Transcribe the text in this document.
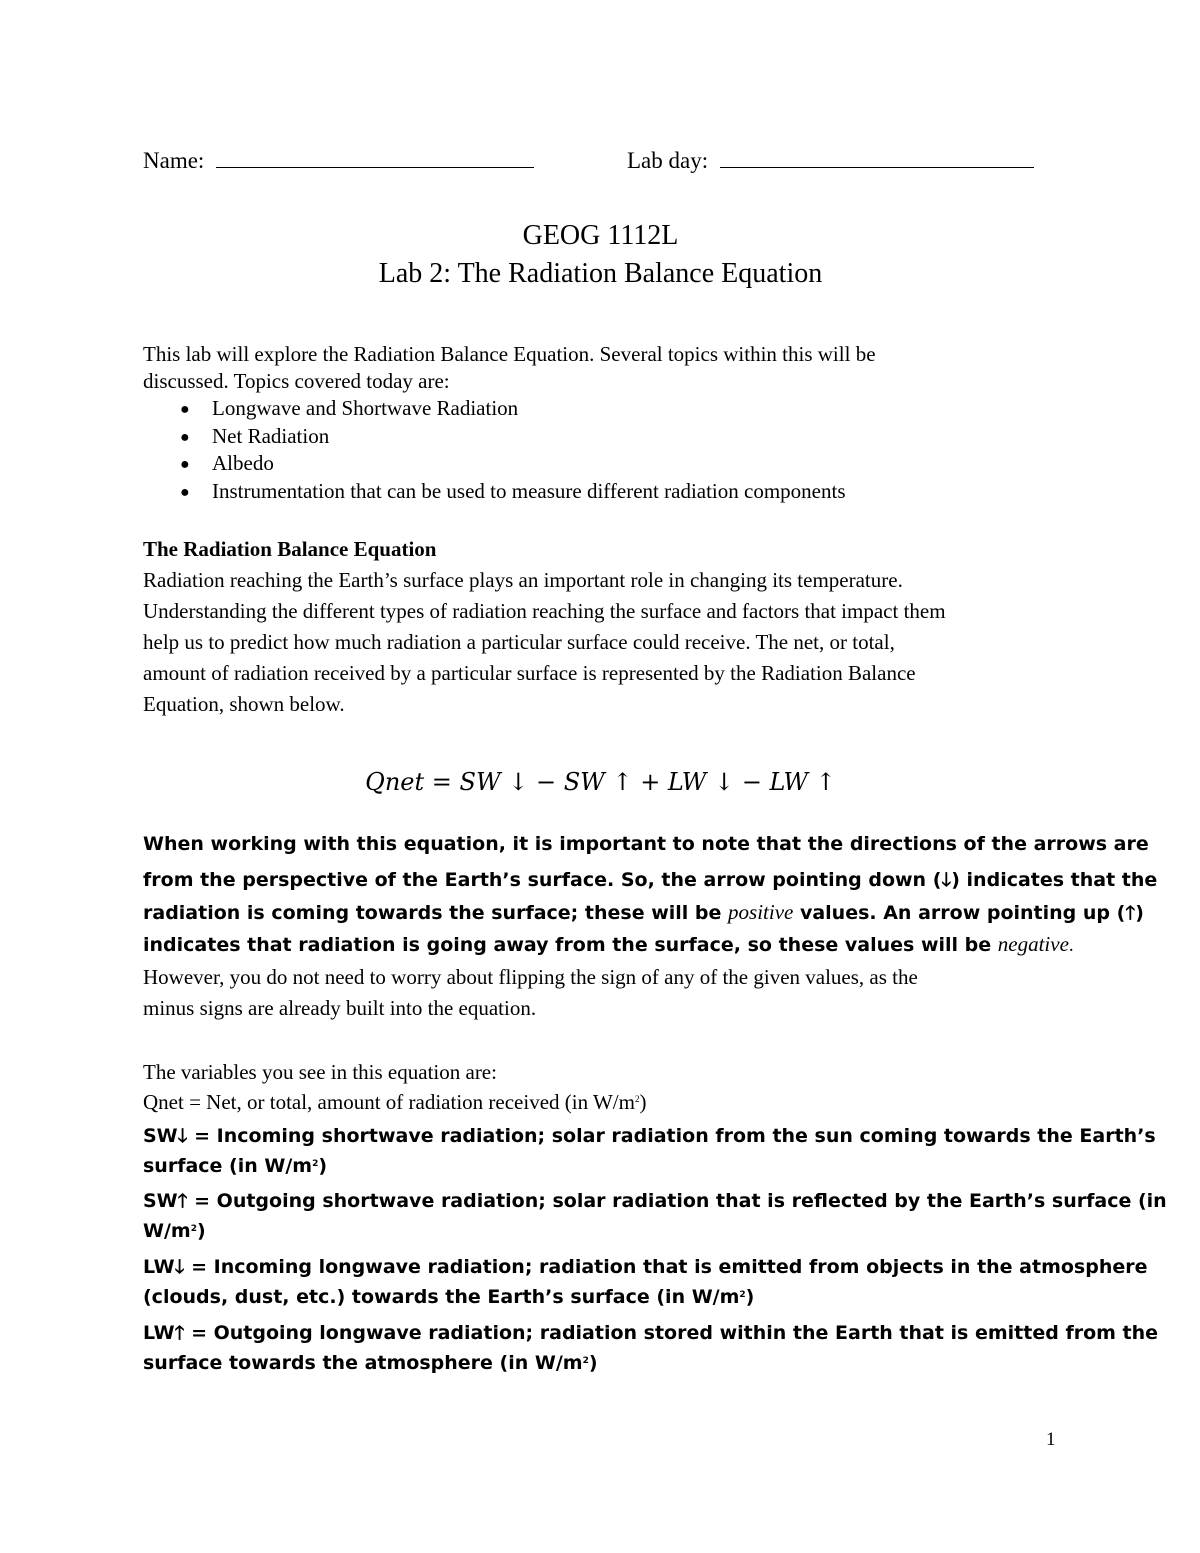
Name:	Lab day:
GEOG 1112L
Lab 2: The Radiation Balance Equation
This lab will explore the Radiation Balance Equation. Several topics within this will be
discussed. Topics covered today are:
● Longwave and Shortwave Radiation
● Net Radiation
● Albedo
● Instrumentation that can be used to measure different radiation components
The Radiation Balance Equation
Radiation reaching the Earth’s surface plays an important role in changing its temperature.
Understanding the different types of radiation reaching the surface and factors that impact them
help us to predict how much radiation a particular surface could receive. The net, or total,
amount of radiation received by a particular surface is represented by the Radiation Balance
Equation, shown below.
Qnet = SW ↓ − SW ↑ + LW ↓ − LW ↑
When working with this equation, it is important to note that the directions of the arrows are
from the perspective of the Earth’s surface. So, the arrow pointing down (🡓) indicates that the
radiation is coming towards the surface; these will be positive values. An arrow pointing up (🡑)
indicates that radiation is going away from the surface, so these values will be negative.
However, you do not need to worry about flipping the sign of any of the given values, as the
minus signs are already built into the equation.
The variables you see in this equation are:
Qnet = Net, or total, amount of radiation received (in $W/m^2$)
SW🡓 = Incoming shortwave radiation; solar radiation from the sun coming towards the Earth’s
surface (in $W/m^2$)
SW🡑 = Outgoing shortwave radiation; solar radiation that is reflected by the Earth’s surface (in
$W/m^2$)
LW🡓 = Incoming longwave radiation; radiation that is emitted from objects in the atmosphere
(clouds, dust, etc.) towards the Earth’s surface (in $W/m^2$)
LW🡑 = Outgoing longwave radiation; radiation stored within the Earth that is emitted from the
surface towards the atmosphere (in $W/m^2$)
1
